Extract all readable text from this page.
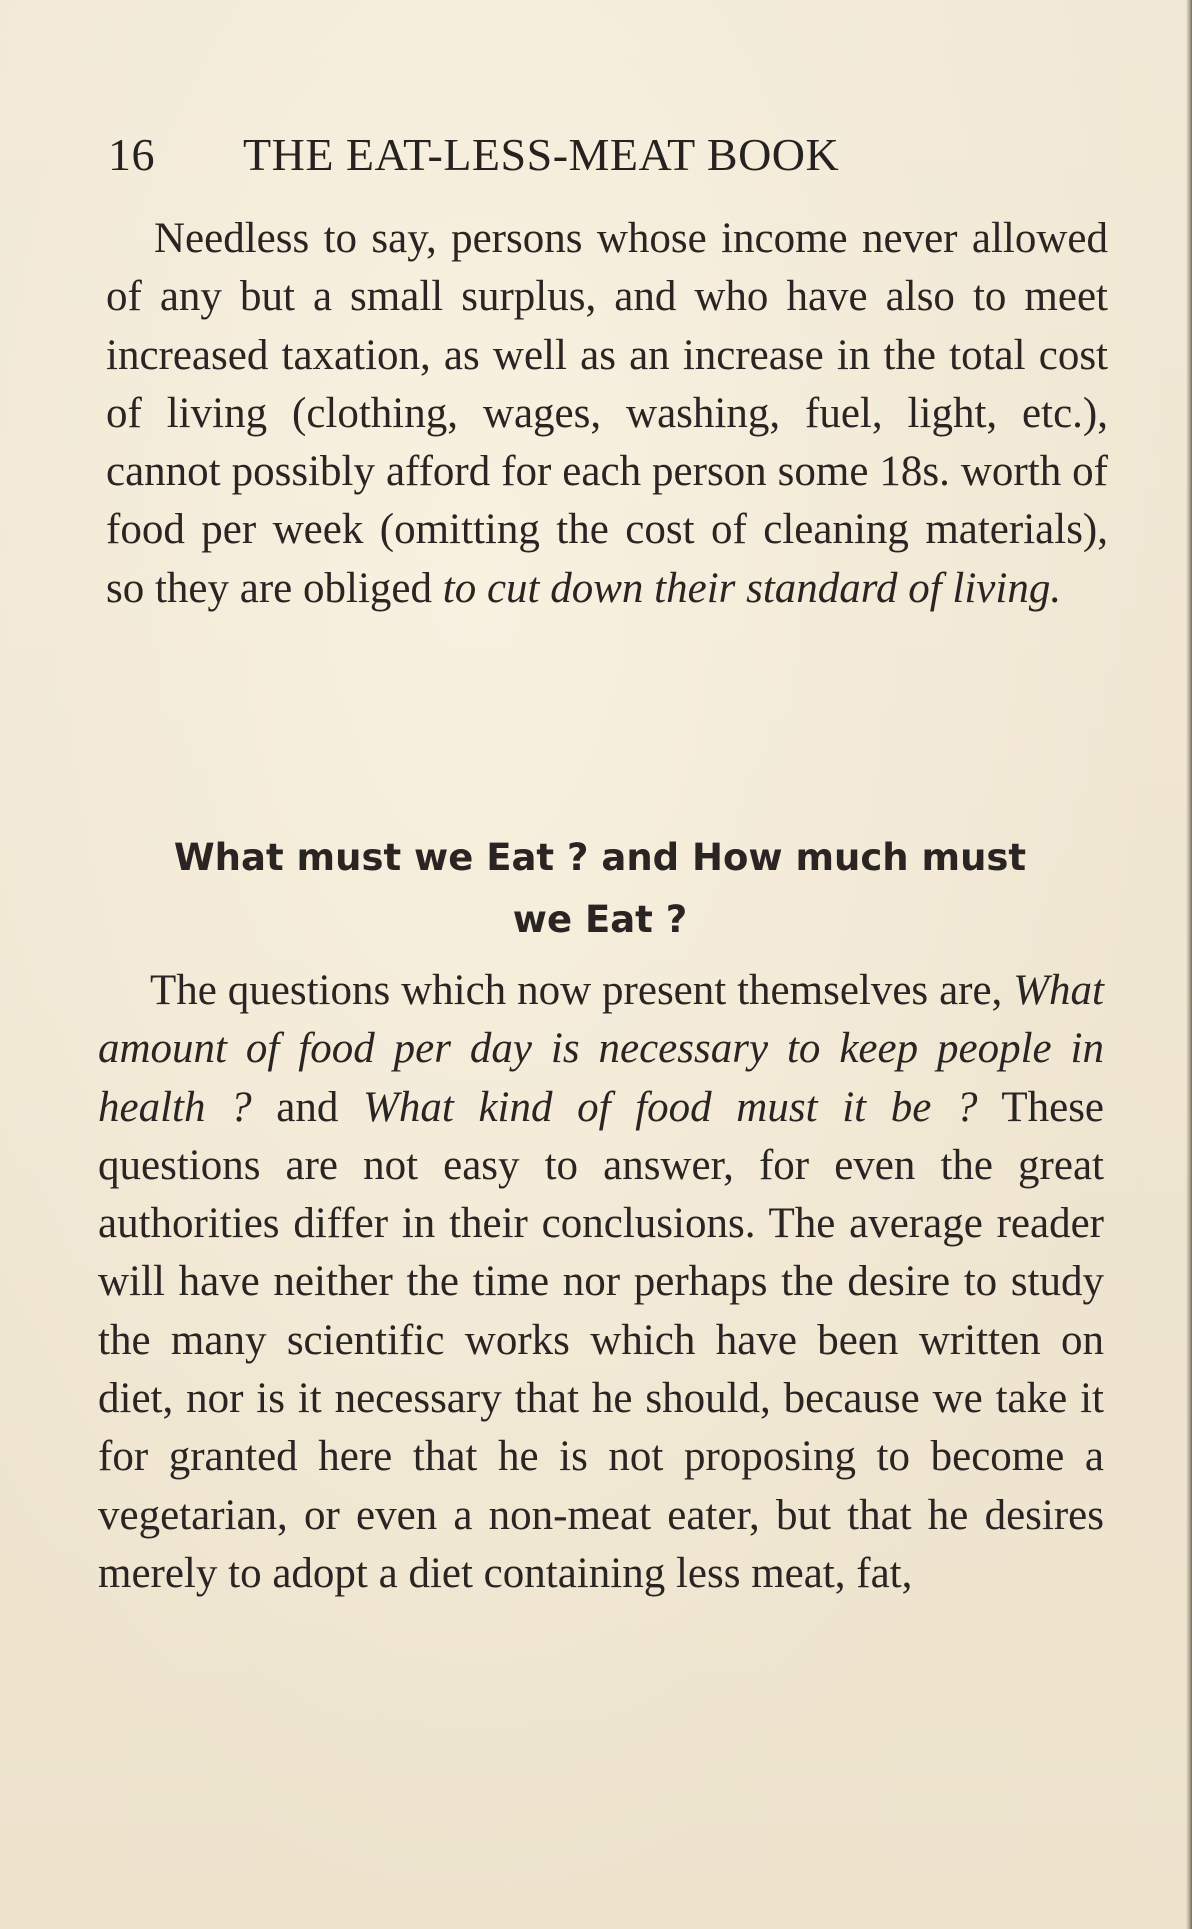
16 THE EAT-LESS-MEAT BOOK

Needless to say, persons whose income never allowed of any but a small surplus, and who have also to meet increased taxation, as well as an increase in the total cost of living (clothing, wages, washing, fuel, light, etc.), cannot possibly afford for each person some 18s. worth of food per week (omitting the cost of cleaning materials), so they are obliged to cut down their standard of living.

What must we Eat ? and How much must we Eat ?

The questions which now present themselves are, What amount of food per day is necessary to keep people in health ? and What kind of food must it be ? These questions are not easy to answer, for even the great authorities differ in their conclusions. The average reader will have neither the time nor perhaps the desire to study the many scientific works which have been written on diet, nor is it necessary that he should, because we take it for granted here that he is not proposing to become a vegetarian, or even a non-meat eater, but that he desires merely to adopt a diet containing less meat, fat,
